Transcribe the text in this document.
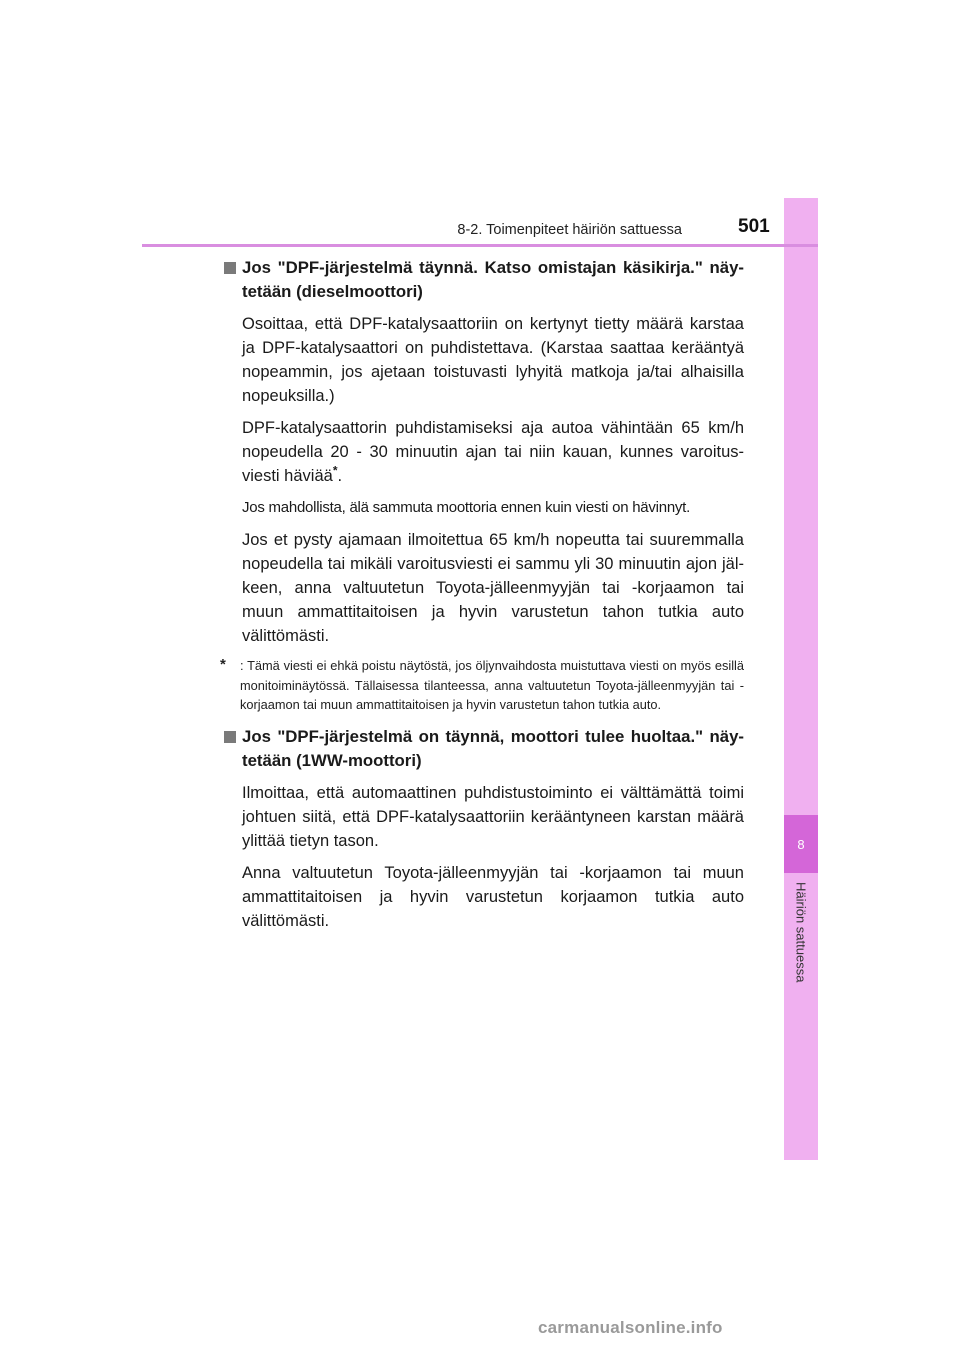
8
Häiriön sattuessa
8-2. Toimenpiteet häiriön sattuessa	501
Jos "DPF-järjestelmä täynnä. Katso omistajan käsikirja." näy-tetään (dieselmoottori)

Osoittaa, että DPF-katalysaattoriin on kertynyt tietty määrä karstaa ja DPF-katalysaattori on puhdistettava. (Karstaa saattaa kerääntyä nopeammin, jos ajetaan toistuvasti lyhyitä matkoja ja/tai alhaisilla nopeuksilla.)

DPF-katalysaattorin puhdistamiseksi aja autoa vähintään 65 km/h nopeudella 20 - 30 minuutin ajan tai niin kauan, kunnes varoitus-viesti häviää*.

Jos mahdollista, älä sammuta moottoria ennen kuin viesti on hävinnyt.

Jos et pysty ajamaan ilmoitettua 65 km/h nopeutta tai suuremmalla nopeudella tai mikäli varoitusviesti ei sammu yli 30 minuutin ajon jäl-keen, anna valtuutetun Toyota-jälleenmyyjän tai -korjaamon tai muun ammattitaitoisen ja hyvin varustetun tahon tutkia auto välittömästi.

* : Tämä viesti ei ehkä poistu näytöstä, jos öljynvaihdosta muistuttava viesti on myös esillä monitoiminäytössä. Tällaisessa tilanteessa, anna valtuutetun Toyota-jälleenmyyjän tai -korjaamon tai muun ammattitaitoisen ja hyvin varustetun tahon tutkia auto.
Jos "DPF-järjestelmä on täynnä, moottori tulee huoltaa." näy-tetään (1WW-moottori)

Ilmoittaa, että automaattinen puhdistustoiminto ei välttämättä toimi johtuen siitä, että DPF-katalysaattoriin kerääntyneen karstan määrä ylittää tietyn tason.

Anna valtuutetun Toyota-jälleenmyyjän tai -korjaamon tai muun ammattitaitoisen ja hyvin varustetun korjaamon tutkia auto välittömästi.

carmanualsonline.info
